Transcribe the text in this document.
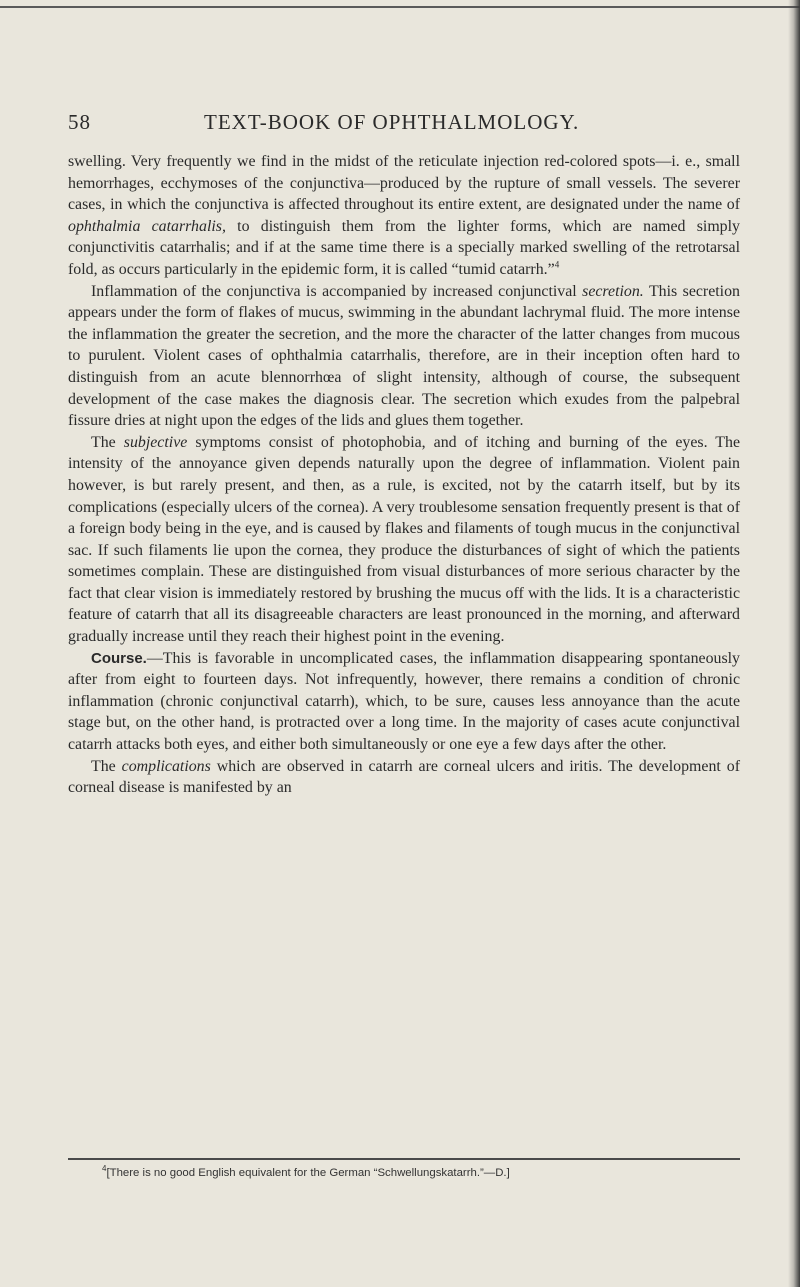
58	TEXT-BOOK OF OPHTHALMOLOGY.

swelling. Very frequently we find in the midst of the reticulate injection red-colored spots—i. e., small hemorrhages, ecchymoses of the conjunctiva—produced by the rupture of small vessels. The severer cases, in which the conjunctiva is affected throughout its entire extent, are designated under the name of ophthalmia catarrhalis, to distinguish them from the lighter forms, which are named simply conjunctivitis catarrhalis; and if at the same time there is a specially marked swelling of the retrotarsal fold, as occurs particularly in the epidemic form, it is called “tumid catarrh.”$^4$

Inflammation of the conjunctiva is accompanied by increased conjunctival secretion. This secretion appears under the form of flakes of mucus, swimming in the abundant lachrymal fluid. The more intense the inflammation the greater the secretion, and the more the character of the latter changes from mucous to purulent. Violent cases of ophthalmia catarrhalis, therefore, are in their inception often hard to distinguish from an acute blennorrhœa of slight intensity, although of course, the subsequent development of the case makes the diagnosis clear. The secretion which exudes from the palpebral fissure dries at night upon the edges of the lids and glues them together.

The subjective symptoms consist of photophobia, and of itching and burning of the eyes. The intensity of the annoyance given depends naturally upon the degree of inflammation. Violent pain however, is but rarely present, and then, as a rule, is excited, not by the catarrh itself, but by its complications (especially ulcers of the cornea). A very troublesome sensation frequently present is that of a foreign body being in the eye, and is caused by flakes and filaments of tough mucus in the conjunctival sac. If such filaments lie upon the cornea, they produce the disturbances of sight of which the patients sometimes complain. These are distinguished from visual disturbances of more serious character by the fact that clear vision is immediately restored by brushing the mucus off with the lids. It is a characteristic feature of catarrh that all its disagreeable characters are least pronounced in the morning, and afterward gradually increase until they reach their highest point in the evening.

Course.—This is favorable in uncomplicated cases, the inflammation disappearing spontaneously after from eight to fourteen days. Not infrequently, however, there remains a condition of chronic inflammation (chronic conjunctival catarrh), which, to be sure, causes less annoyance than the acute stage but, on the other hand, is protracted over a long time. In the majority of cases acute conjunctival catarrh attacks both eyes, and either both simultaneously or one eye a few days after the other.

The complications which are observed in catarrh are corneal ulcers and iritis. The development of corneal disease is manifested by an

$^4$[There is no good English equivalent for the German “Schwellungskatarrh.”—D.]
